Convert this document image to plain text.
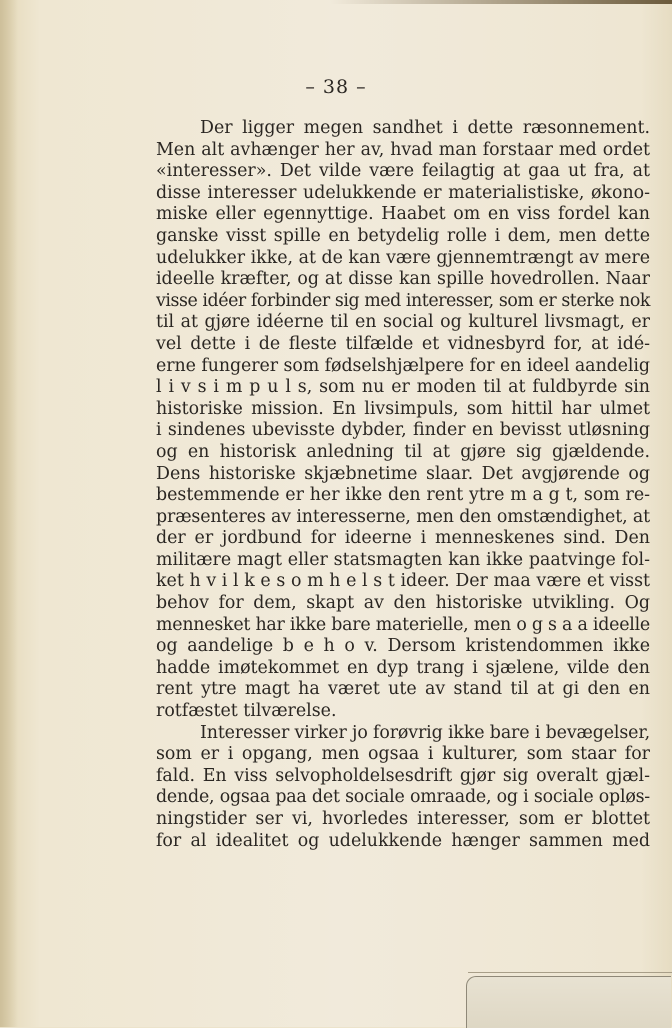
– 38 –

Der ligger megen sandhet i dette ræsonnement.
Men alt avhænger her av, hvad man forstaar med ordet
«interesser». Det vilde være feilagtig at gaa ut fra, at
disse interesser udelukkende er materialistiske, økono-
miske eller egennyttige. Haabet om en viss fordel kan
ganske visst spille en betydelig rolle i dem, men dette
udelukker ikke, at de kan være gjennemtrængt av mere
ideelle kræfter, og at disse kan spille hovedrollen. Naar
visse idéer forbinder sig med interesser, som er sterke nok
til at gjøre idéerne til en social og kulturel livsmagt, er
vel dette i de fleste tilfælde et vidnesbyrd for, at idé-
erne fungerer som fødselshjælpere for en ideel aandelig
l i v s i m p u l s, som nu er moden til at fuldbyrde sin
historiske mission. En livsimpuls, som hittil har ulmet
i sindenes ubevisste dybder, finder en bevisst utløsning
og en historisk anledning til at gjøre sig gjældende.
Dens historiske skjæbnetime slaar. Det avgjørende og
bestemmende er her ikke den rent ytre m a g t, som re-
præsenteres av interesserne, men den omstændighet, at
der er jordbund for ideerne i menneskenes sind. Den
militære magt eller statsmagten kan ikke paatvinge fol-
ket h v i l k e s o m h e l s t ideer. Der maa være et visst
behov for dem, skapt av den historiske utvikling. Og
mennesket har ikke bare materielle, men o g s a a ideelle
og aandelige b e h o v. Dersom kristendommen ikke
hadde imøtekommet en dyp trang i sjælene, vilde den
rent ytre magt ha været ute av stand til at gi den en
rotfæstet tilværelse.

Interesser virker jo forøvrig ikke bare i bevægelser,
som er i opgang, men ogsaa i kulturer, som staar for
fald. En viss selvopholdelsesdrift gjør sig overalt gjæl-
dende, ogsaa paa det sociale omraade, og i sociale opløs-
ningstider ser vi, hvorledes interesser, som er blottet
for al idealitet og udelukkende hænger sammen med
